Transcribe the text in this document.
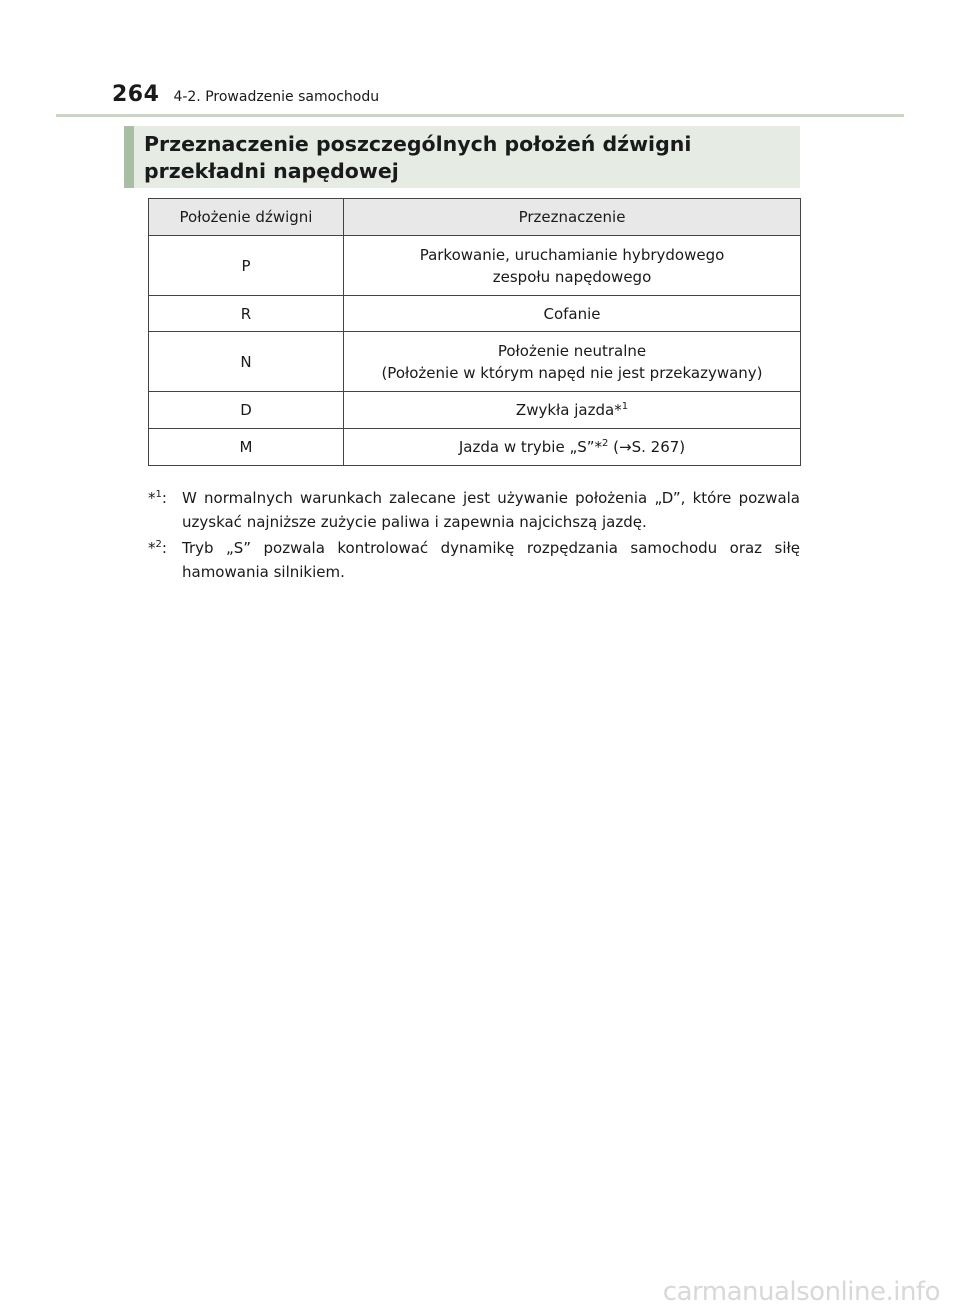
264 4-2. Prowadzenie samochodu
Przeznaczenie poszczególnych położeń dźwigni przekładni napędowej
Położenie dźwigni	Przeznaczenie
P	Parkowanie, uruchamianie hybrydowego
zespołu napędowego

R	Cofanie

N	Położenie neutralne
(Położenie w którym napęd nie jest przekazywany)

D	Zwykła jazda*$^1$
M	Jazda w trybie „S”*$^2$ (→S. 267)
*$^1$:	W normalnych warunkach zalecane jest używanie położenia „D”, które pozwala uzyskać najniższe zużycie paliwa i zapewnia najcichszą jazdę.
*$^2$:	Tryb „S” pozwala kontrolować dynamikę rozpędzania samochodu oraz siłę hamowania silnikiem.
carmanualsonline.info
